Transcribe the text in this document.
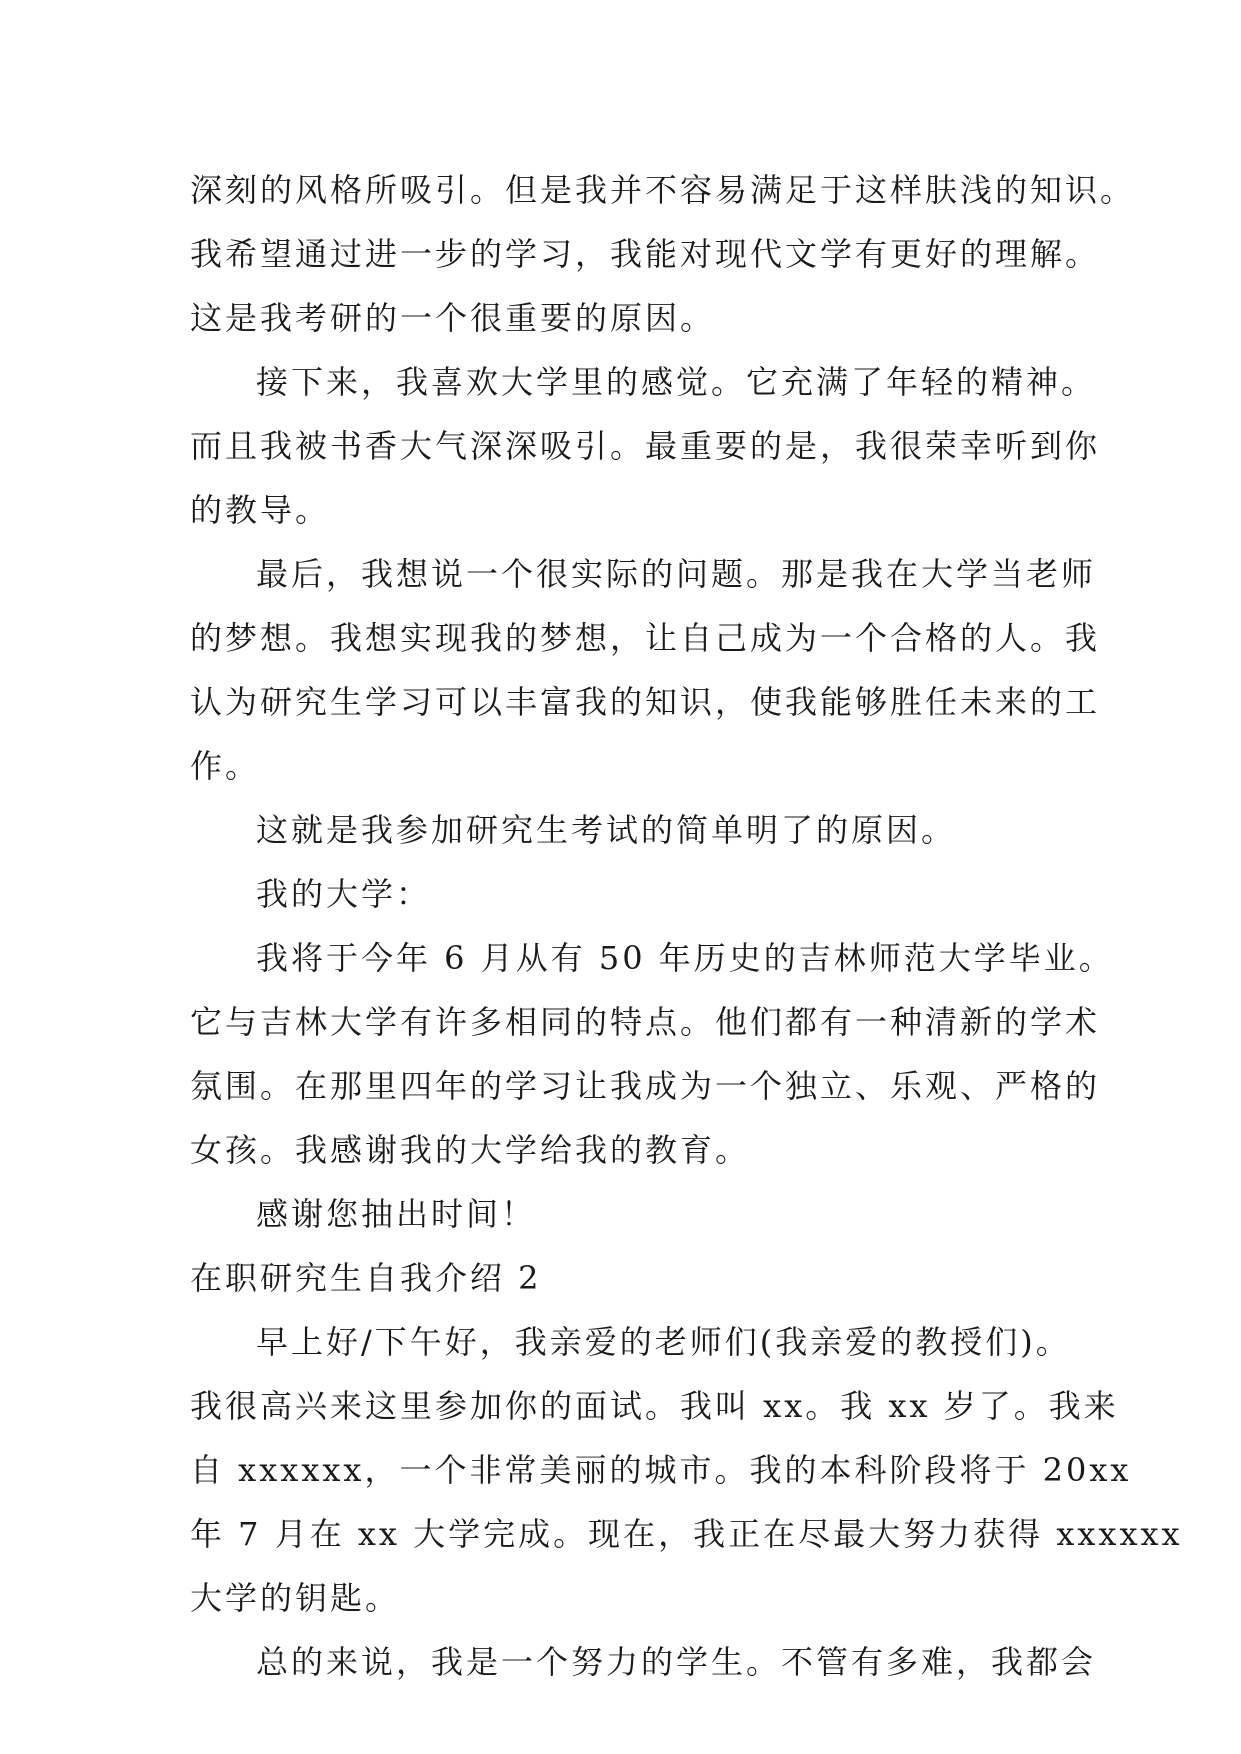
深刻的风格所吸引。但是我并不容易满足于这样肤浅的知识。
我希望通过进一步的学习，我能对现代文学有更好的理解。
这是我考研的一个很重要的原因。
接下来，我喜欢大学里的感觉。它充满了年轻的精神。
而且我被书香大气深深吸引。最重要的是，我很荣幸听到你
的教导。
最后，我想说一个很实际的问题。那是我在大学当老师
的梦想。我想实现我的梦想，让自己成为一个合格的人。我
认为研究生学习可以丰富我的知识，使我能够胜任未来的工
作。
这就是我参加研究生考试的简单明了的原因。
我的大学：
我将于今年 6 月从有 50 年历史的吉林师范大学毕业。
它与吉林大学有许多相同的特点。他们都有一种清新的学术
氛围。在那里四年的学习让我成为一个独立、乐观、严格的
女孩。我感谢我的大学给我的教育。
感谢您抽出时间！
在职研究生自我介绍 2
早上好/下午好，我亲爱的老师们(我亲爱的教授们)。
我很高兴来这里参加你的面试。我叫 xx。我 xx 岁了。我来
自 xxxxxx，一个非常美丽的城市。我的本科阶段将于 20xx
年 7 月在 xx 大学完成。现在，我正在尽最大努力获得 xxxxxx
大学的钥匙。
总的来说，我是一个努力的学生。不管有多难，我都会
